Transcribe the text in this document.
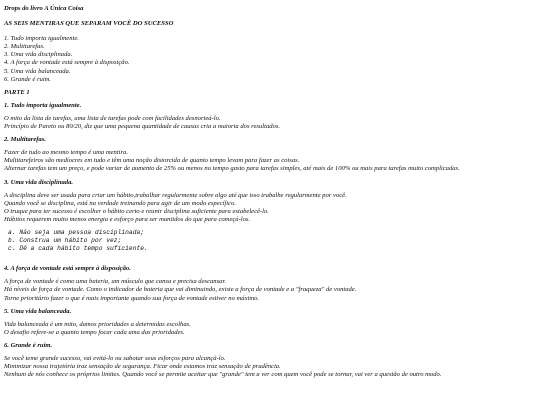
Drops do livro A Única Coisa

AS SEIS MENTIRAS QUE SEPARAM VOCÊ DO SUCESSO

1. Tudo importa igualmente.

2. Multitarefas.

3. Uma vida disciplinada.

4. A força de vontade está sempre à disposição.

5. Uma vida balanceada.

6. Grande é ruim.

PARTE 1

1. Tudo importa igualmente.

O mito da lista de tarefas, uma lista de tarefas pode com facilidades desnorteá-lo.

Princípio de Pareto ou 80/20, diz que uma pequena quantidade de causas cria a maioria dos resultados.

2. Multitarefas.

Fazer de tudo ao mesmo tempo é uma mentira.

Multitarefeiros são medíocres em tudo e têm uma noção distorcida de quanto tempo levam para fazer as coisas.

Alternar tarefas tem um preço, e pode variar de aumento de 25% ou menos no tempo gasto para tarefas simples, até mais de 100% ou mais para tarefas muito complicadas.

3. Uma vida disciplinada.

A disciplina deve ser usada para criar um hábito,trabalhar regularmente sobre algo até que isso trabalhe regularmente por você.

Quando você se disciplina, está na verdade treinando para agir de um modo específico.

O truque para ter sucesso é escolher o hábito certo e reunir disciplina suficiente para estabelecê-lo.

Hábitos requerem muito menos energia e esforço para ser mantidos do que para começá-los.

a. Não seja uma pessoa disciplinada;

b. Construa um hábito por vez;

c. Dê a cada hábito tempo suficiente.

4. A força de vontade está sempre à disposição.

A força de vontade é como uma bateria, um músculo que cansa e precisa descansar.

Há níveis de força de vontade. Como o indicador de bateria que vai diminuindo, existe a força de vontade e a "fraqueza" de vontade.

Torne prioritário fazer o que é mais importante quando sua força de vontade estiver no máximo.

5. Uma vida balanceada.

Vida balanceada é um mito, damos prioridades a determidas escolhas.

O desafio refere-se a quanto tempo focar cada uma das prioridades.

6. Grande é ruim.

Se você teme grande sucesso, vai evitá-lo ou sabotar seus esforços para alcançá-lo.

Minimizar nossa trajetória traz sensação de segurança. Ficar onde estamos traz sensação de prudência.

Nenhum de nós conhece os próprios limites. Quando você se permite aceitar que "grande" tem a ver com quem você pode se tornar, vai ver a questão de outro modo.
